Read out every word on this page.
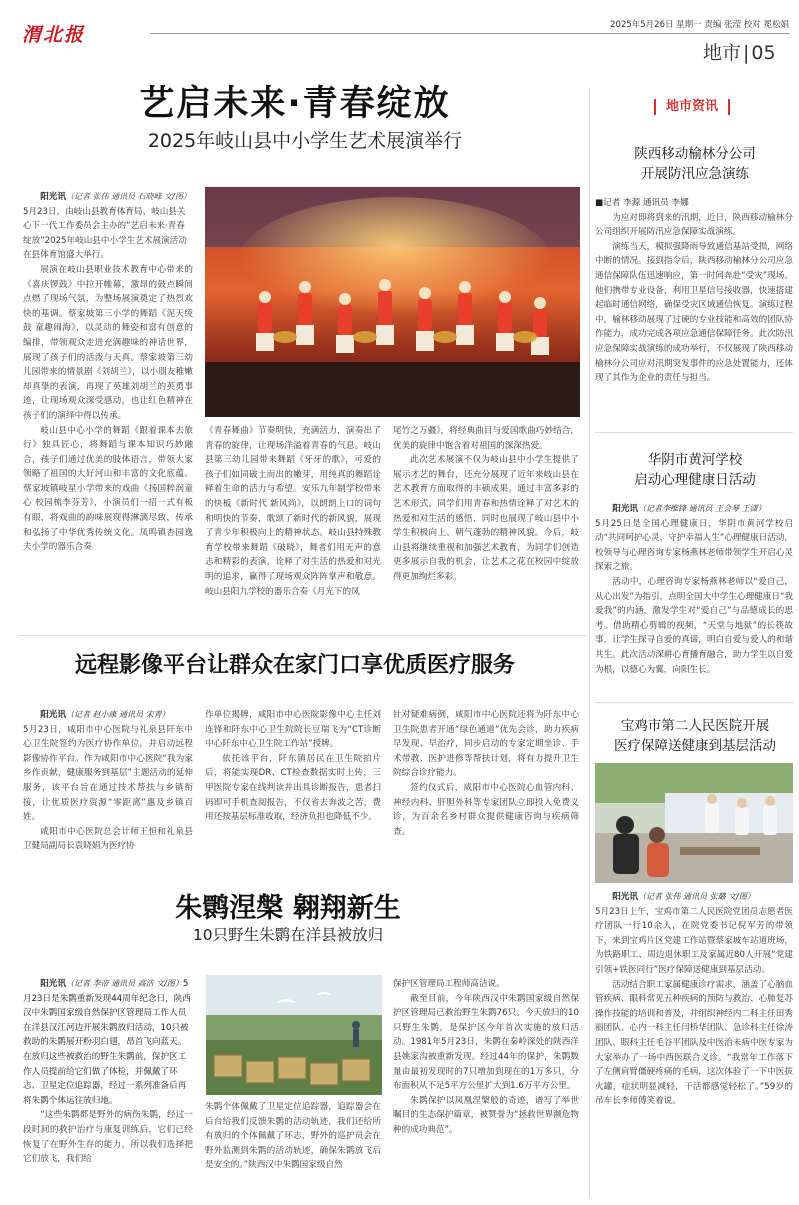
渭北报	2025年5月26日 星期一 责编 张滢 校对 冕松娟
地市 | 05
艺启未来·青春绽放
2025年岐山县中小学生艺术展演举行
阳光讯（记者 张伟 通讯员 石晓峰 文/图）5月23日，由岐山县教育体育局、岐山县关心下一代工作委员会主办的“艺启未来·青春绽放”2025年岐山县中小学生艺术展演活动在县体育馆盛大举行。
展演在岐山县职业技术教育中心带来的《喜庆锣鼓》中拉开帷幕，激昂的鼓点瞬间点燃了现场气氛，为整场展演奠定了热烈欢快的基调。蔡家坡第三小学的舞蹈《泥天绫鼓 童趣闹海》，以灵动的舞姿和富有创意的编排，带领观众走进充满趣味的神话世界，展现了孩子们的活泼与天真。蔡家坡第三幼儿园带来的情景剧《刘胡兰》，以小朋友稚嫩却真挚的表演，再现了英雄刘胡兰的英勇事迹，让现场观众深受感动，也让红色精神在孩子们的演绎中得以传承。
岐山县中心小学的舞蹈《跟着课本去旅行》独具匠心，将舞蹈与课本知识巧妙融合，孩子们通过优美的肢体语言，带领大家领略了祖国的大好河山和丰富的文化底蕴。蔡家坡镇岐星小学带来的戏曲《扬国粹润童心 校园梳李芬芳》，小演员们一招一式有板有眼，将戏曲的韵味展现得淋漓尽致，传承和弘扬了中华优秀传统文化。凤鸣镇杏园逸夫小学的器乐合奏
《青春舞曲》节奏明快，充满活力，演奏出了青春的旋律，让现场洋溢着青春的气息。岐山县第三幼儿园带来舞蹈《牙牙的歌》，可爱的孩子们如同破土而出的嫩芽，用纯真的舞蹈诠释着生命的活力与希望。安乐九年制学校带来的快板《新时代 新风尚》，以朗朗上口的词句和明快的节奏，歌颂了新时代的新风貌，展现了青少年积极向上的精神状态。岐山县特殊教育学校带来舞蹈《破晓》，舞者们用无声的意志和精彩的表演，诠释了对生活的热爱和对光明的追求，赢得了现场观众阵阵掌声和敬意。岐山县阳九学校的器乐合奏《月光下的凤
尾竹之万疆》，将经典曲目与爱国歌曲巧妙结合，优美的旋律中饱含着对祖国的深深热爱。
此次艺术展演不仅为岐山县中小学生提供了展示才艺的舞台，还充分展现了近年来岐山县在艺术教育方面取得的丰硕成果。通过丰富多彩的艺术形式，同学们用青春和热情诠释了对艺术的热爱和对生活的感悟，同时也展现了岐山县中小学生积极向上、朝气蓬勃的精神风貌。今后，岐山县将继续重视和加强艺术教育，为同学们创造更多展示自我的机会，让艺术之花在校园中绽放得更加绚烂多彩。
远程影像平台让群众在家门口享优质医疗服务
阳光讯（记者 赵小康 通讯员 宋青）
5月23日，咸阳市中心医院与礼泉县阡东中心卫生院签约为医疗协作单位，并启动远程影像协作平台。作为咸阳市中心医院“我为家乡作贡献，健康服务到基层”主题活动的延伸服务，该平台旨在通过技术帮扶与乡镇衔接，让优质医疗资源“零距离”惠及乡镇百姓。
咸阳市中心医院总会计师王恒和礼泉县卫健局副局长袁晓娟为医疗协
作单位揭牌，咸阳市中心医院影像中心主任刘连锋和阡东中心卫生院院长豆瑞飞为“CT诊断中心阡东中心卫生院工作站”授牌。
依托该平台，阡东镇居民在卫生院拍片后，将能实现DR、CT检查数据实时上传，三甲医院专家在线判读并出具诊断报告，患者扫码即可手机查阅报告，不仅省去奔波之苦，费用还按基层标准收取，经济负担也降低不少。
针对疑难病例，咸阳市中心医院还将为阡东中心卫生院患者开通“绿色通道”优先会诊，助力疾病早发现、早治疗，同步启动的专家定期坐诊、手术带教、医护进修等帮扶计划，将有力提升卫生院综合诊疗能力。
签约仪式后，咸阳市中心医院心血管内科、神经内科、肝胆外科等专家团队立即投入免费义诊，为百余名乡村群众提供健康咨询与疾病筛查。
朱鹮涅槃 翱翔新生
10只野生朱鹮在洋县被放归
阳光讯（记者 李帝 通讯员 高洁 文/图）5月23日是朱鹮重新发现44周年纪念日，陕西汉中朱鹮国家级自然保护区管理局工作人员在洋县汉江河边开展朱鹮放归活动，10只被救助的朱鹮展开粉羽白翅，昂首飞向蓝天。在放归这些被救治的野生朱鹮前，保护区工作人员提前给它们做了体检，并佩戴了环志、卫星定位追踪器，经过一系列准备后再将朱鹮个体运往放归地。
“这些朱鹮都是野外的病伤朱鹮，经过一段时间的救护治疗与康复训练后，它们已经恢复了在野外生存的能力，所以我们选择把它们放飞，我们给
朱鹮个体佩戴了卫星定位追踪器，追踪器会在后台给我们反馈朱鹮的活动轨迹，我们还给所有放归的个体佩戴了环志，野外的巡护员会在野外监测到朱鹮的活动轨迹，确保朱鹮放飞后是安全的。”陕西汉中朱鹮国家级自然
保护区管理局工程师高洁说。
截至目前，今年陕西汉中朱鹮国家级自然保护区管理局已救治野生朱鹮76只。今天放归的10只野生朱鹮，是保护区今年首次实施的放归活动。1981年5月23日，朱鹮在秦岭深处的陕西洋县姚家沟被重新发现。经过44年的保护，朱鹮数量由最初发现时的7只增加到现在的1万多只，分布面积从不足5平方公里扩大到1.6万平方公里。
朱鹮保护以凤凰涅槃般的奇迹，谱写了举世瞩目的生态保护篇章，被赞誉为“拯救世界濒危物种的成功典范”。
地市资讯
陕西移动榆林分公司
开展防汛应急演练
■记者 李源 通讯员 李娜
为应对即将到来的汛期，近日，陕西移动榆林分公司组织开展防汛应急保障实战演练。
演练当天，模拟强降雨导致通信基站受损，网络中断的情况。接到指令后，陕西移动榆林分公司应急通信保障队伍迅速响应，第一时间奔赴“受灾”现场。他们携带专业设备，利用卫星信号接收器，快速搭建起临时通信网络，确保受灾区域通信恢复。演练过程中，榆林移动展现了过硬的专业技能和高效的团队协作能力，成功完成各项应急通信保障任务。此次防汛应急保障实战演练的成功举行，不仅展现了陕西移动榆林分公司应对汛期突发事件的应急处置能力，还体现了其作为企业的责任与担当。
华阴市黄河学校
启动心理健康日活动
阳光讯（记者李维锋 通讯员 王会琴 王潇）
5月25日是全国心理健康日，华阴市黄河学校启动“共同呵护心灵，守护幸福人生”心理健康日活动，校领导与心理咨询专家杨燕林老师带领学生开启心灵探索之旅。
活动中，心理咨询专家杨燕林老师以“爱自己，从心出发”为指引，点明全国大中学生心理健康日“我爱我”的内涵，激发学生对“爱自己”与品德成长的思考。借助精心剪辑的视频，“天堂与地狱”的长筷故事，让学生探寻自爱的真谛，明白自爱与爱人的和谐共生。此次活动深耕心育播育融合，助力学生以自爱为根，以德心为翼，向阳生长。
宝鸡市第二人民医院开展
医疗保障送健康到基层活动
阳光讯（记者 张伟 通讯员 张璐 文/图）
5月23日上午，宝鸡市第二人民医院党团员志愿者医疗团队一行10余人，在院党委书记倪军芳的带领下，来到宝鸡片区党建工作站暨蔡家坡车站道班场，为铁路职工、周边退休职工及家属近80人开展“党建引领+铁医同行”医疗保障送健康到基层活动。
活动结合职工家属健康诊疗需求，涵盖了心脑血管疾病、眼科常见五种疾病的预防与救治、心肺复苏操作技能的培训和普及，并组织神经内二科主任田秀丽团队、心内一科主任闫桥华团队、急诊科主任徐涛团队、眼科主任毛谷平团队及中医治未病中医专家为大家举办了一场中西医联合义诊。“我常年工作落下了左侧肩臂僵硬疼痛的毛病，这次体验了一下中医拔火罐，症状明显减轻，干活都感觉轻松了。”59岁的吊车长李师傅笑着说。
